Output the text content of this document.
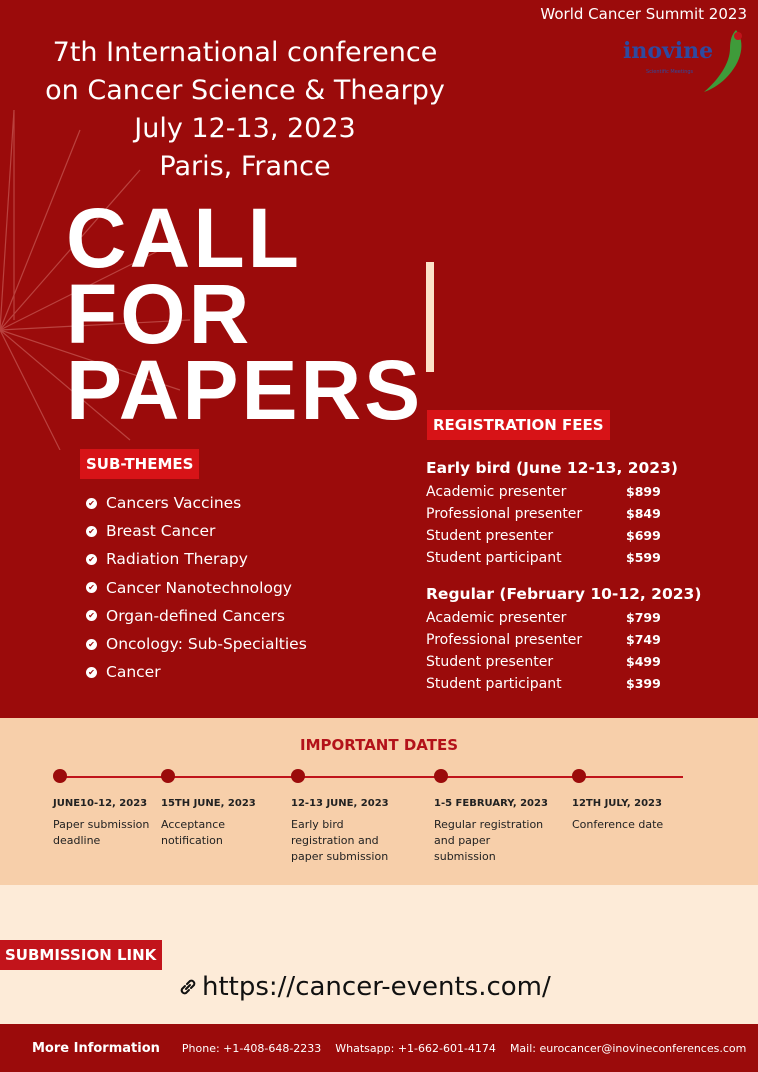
World Cancer Summit 2023
inovine
Scientific Meetings
7th International conference
on Cancer Science & Thearpy
July 12-13, 2023
Paris, France
CALL
FOR
PAPERS REGISTRATION FEES
SUB-THEMES
✔ Cancers Vaccines
✔ Breast Cancer
✔ Radiation Therapy
✔ Cancer Nanotechnology
✔ Organ-defined Cancers
✔ Oncology: Sub-Specialties
✔ Cancer
Early bird (June 12-13, 2023)
Academic presenter	$899
Professional presenter	$849
Student presenter	$699
Student participant	$599
Regular (February 10-12, 2023)
Academic presenter	$799
Professional presenter	$749
Student presenter	$499
Student participant	$399
IMPORTANT DATES
JUNE10-12, 2023
Paper submission deadline
15TH JUNE, 2023
Acceptance notification
12-13 JUNE, 2023
Early bird registration and paper submission
1-5 FEBRUARY, 2023
Regular registration and paper submission
12TH JULY, 2023
Conference date
SUBMISSION LINK
https://cancer-events.com/
More Information Phone: +1-408-648-2233 Whatsapp: +1-662-601-4174 Mail: eurocancer@inovineconferences.com
